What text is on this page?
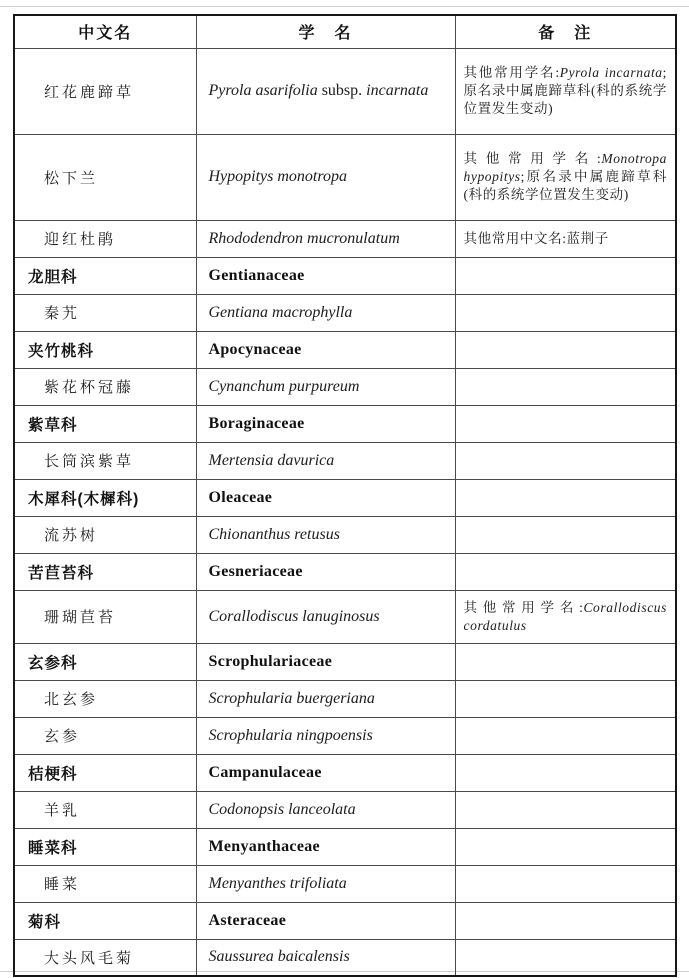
中文名	学　名	备　注
红花鹿蹄草	Pyrola asarifolia subsp. incarnata	其他常用学名:Pyrola incarnata;原名录中属鹿蹄草科(科的系统学位置发生变动)
松下兰	Hypopitys monotropa	其他常用学名:Monotropa hypopitys;原名录中属鹿蹄草科(科的系统学位置发生变动)
迎红杜鹃	Rhododendron mucronulatum	其他常用中文名:蓝荆子
龙胆科	Gentianaceae	
秦艽	Gentiana macrophylla	
夹竹桃科	Apocynaceae	
紫花杯冠藤	Cynanchum purpureum	
紫草科	Boraginaceae	
长筒滨紫草	Mertensia davurica	
木犀科(木樨科)	Oleaceae	
流苏树	Chionanthus retusus	
苦苣苔科	Gesneriaceae	
珊瑚苣苔	Corallodiscus lanuginosus	其他常用学名:Corallodiscus cordatulus
玄参科	Scrophulariaceae	
北玄参	Scrophularia buergeriana	
玄参	Scrophularia ningpoensis	
桔梗科	Campanulaceae	
羊乳	Codonopsis lanceolata	
睡菜科	Menyanthaceae	
睡菜	Menyanthes trifoliata	
菊科	Asteraceae	
大头风毛菊	Saussurea baicalensis	
